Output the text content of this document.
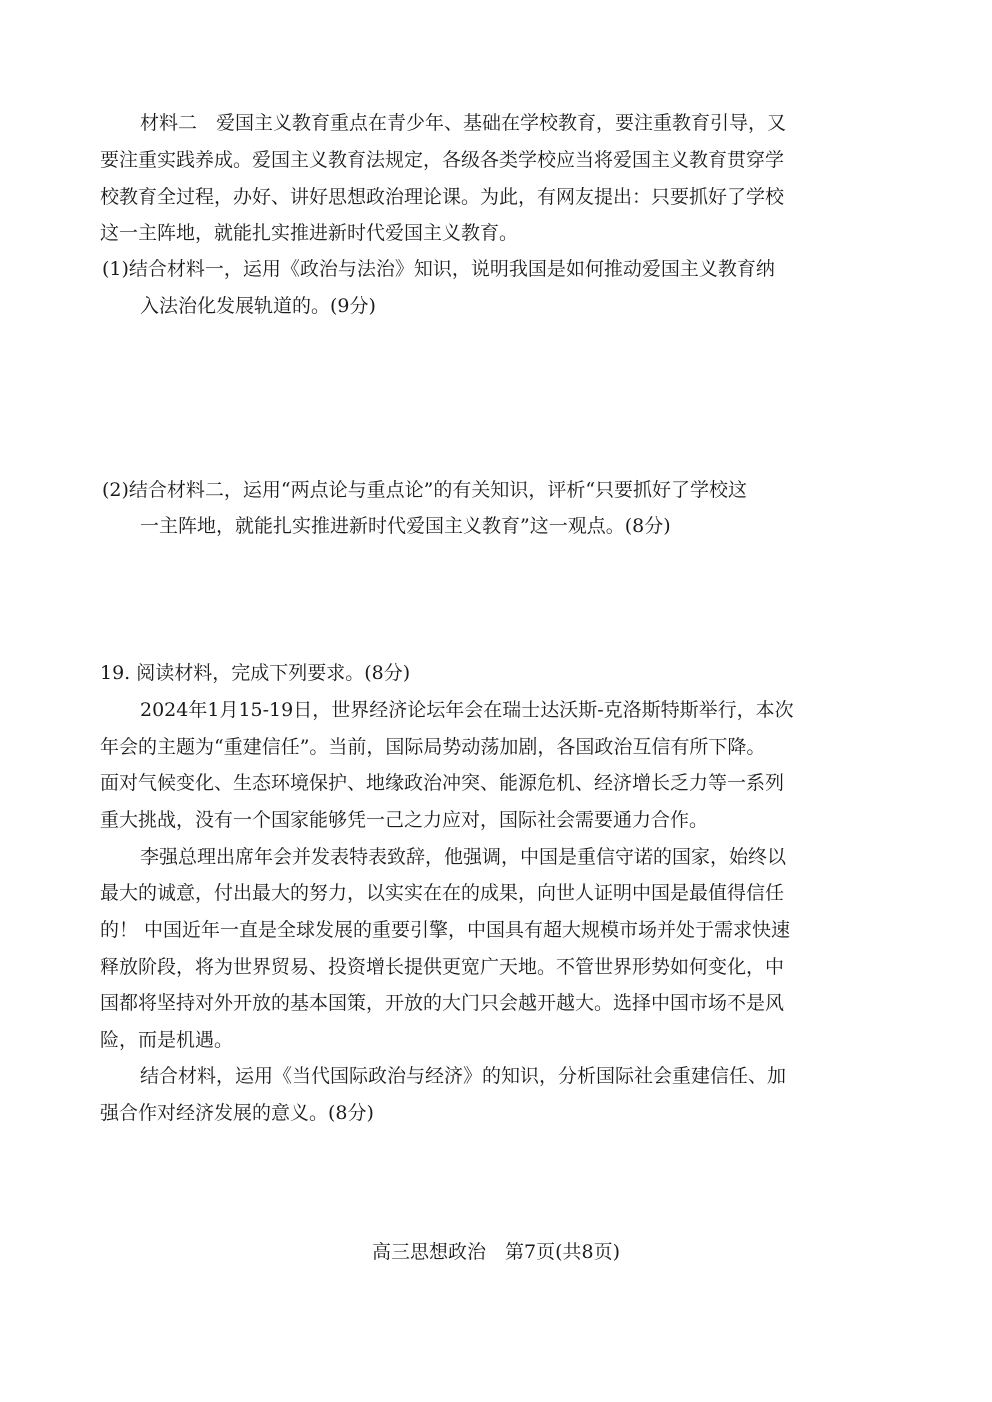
材料二　爱国主义教育重点在青少年、基础在学校教育，要注重教育引导，又
要注重实践养成。爱国主义教育法规定，各级各类学校应当将爱国主义教育贯穿学
校教育全过程，办好、讲好思想政治理论课。为此，有网友提出：只要抓好了学校
这一主阵地，就能扎实推进新时代爱国主义教育。
(1)结合材料一，运用《政治与法治》知识，说明我国是如何推动爱国主义教育纳
入法治化发展轨道的。(9分)
(2)结合材料二，运用“两点论与重点论”的有关知识，评析“只要抓好了学校这
一主阵地，就能扎实推进新时代爱国主义教育”这一观点。(8分)
19. 阅读材料，完成下列要求。(8分)
2024年1月15-19日，世界经济论坛年会在瑞士达沃斯-克洛斯特斯举行，本次
年会的主题为“重建信任”。当前，国际局势动荡加剧，各国政治互信有所下降。
面对气候变化、生态环境保护、地缘政治冲突、能源危机、经济增长乏力等一系列
重大挑战，没有一个国家能够凭一己之力应对，国际社会需要通力合作。
李强总理出席年会并发表特表致辞，他强调，中国是重信守诺的国家，始终以
最大的诚意，付出最大的努力，以实实在在的成果，向世人证明中国是最值得信任
的！ 中国近年一直是全球发展的重要引擎，中国具有超大规模市场并处于需求快速
释放阶段，将为世界贸易、投资增长提供更宽广天地。不管世界形势如何变化，中
国都将坚持对外开放的基本国策，开放的大门只会越开越大。选择中国市场不是风
险，而是机遇。
结合材料，运用《当代国际政治与经济》的知识，分析国际社会重建信任、加
强合作对经济发展的意义。(8分)
高三思想政治　第7页(共8页)
